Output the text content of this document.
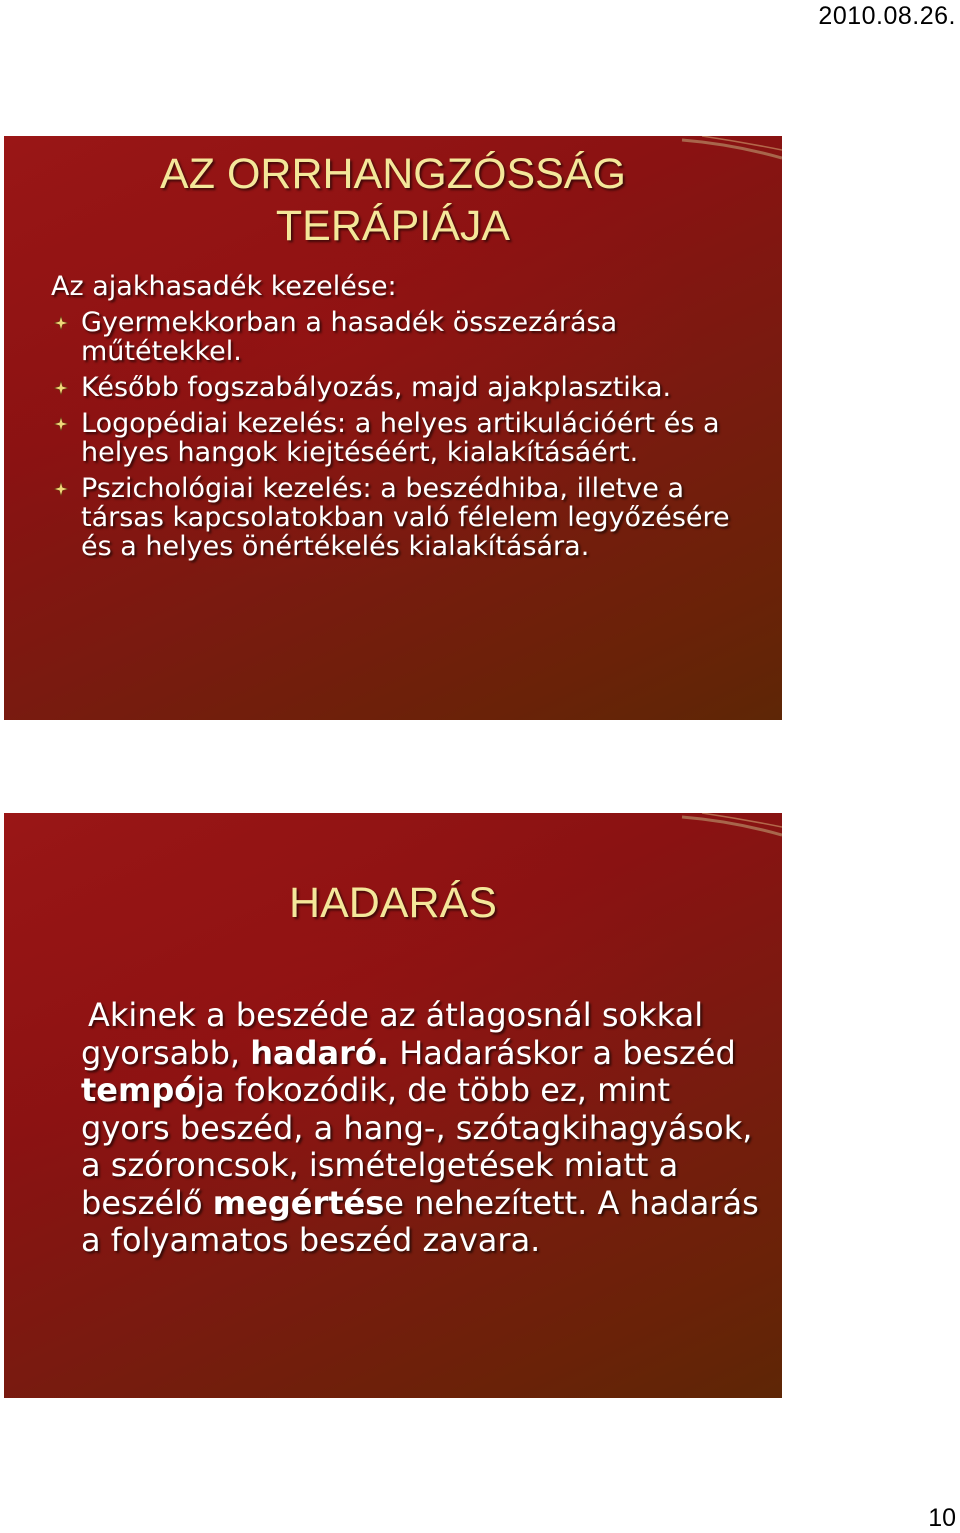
2010.08.26.
AZ ORRHANGZÓSSÁG
TERÁPIÁJA
Az ajakhasadék kezelése:
Gyermekkorban a hasadék összezárása műtétekkel.
Később fogszabályozás, majd ajakplasztika.
Logopédiai kezelés: a helyes artikulációért és a helyes hangok kiejtéséért, kialakításáért.
Pszichológiai kezelés: a beszédhiba, illetve a társas kapcsolatokban való félelem legyőzésére és a helyes önértékelés kialakítására.
HADARÁS
Akinek a beszéde az átlagosnál sokkal gyorsabb, hadaró. Hadaráskor a beszéd tempója fokozódik, de több ez, mint gyors beszéd, a hang-, szótagkihagyások, a szóroncsok, ismételgetések miatt a beszélő megértése nehezített. A hadarás a folyamatos beszéd zavara.
10
